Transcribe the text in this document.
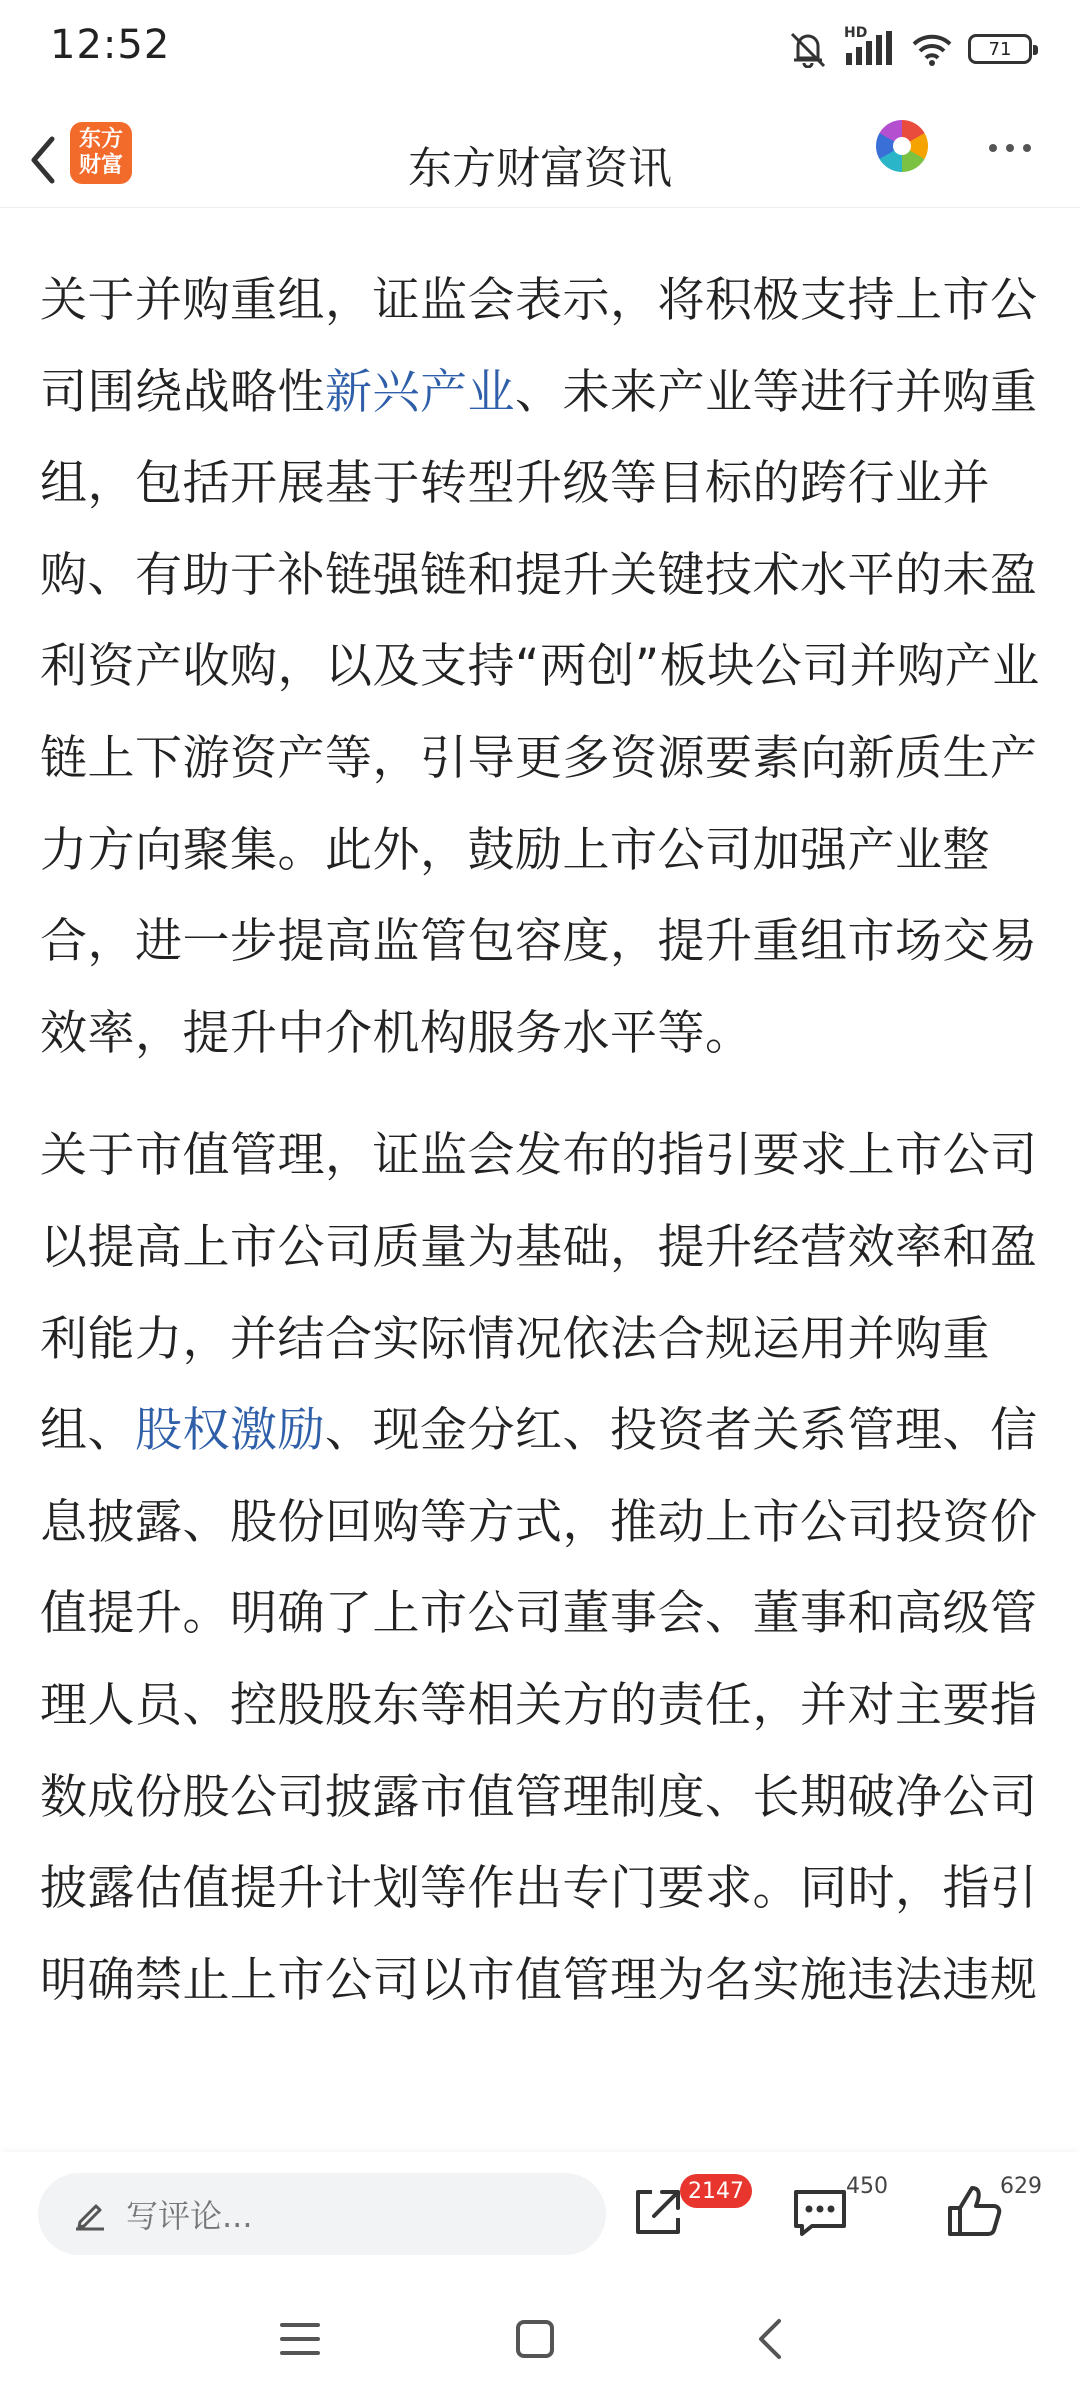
12:52	HD
71
东方
财富	东方财富资讯

关于并购重组，证监会表示，将积极支持上市公司围绕战略性新兴产业、未来产业等进行并购重组，包括开展基于转型升级等目标的跨行业并购、有助于补链强链和提升关键技术水平的未盈利资产收购，以及支持“两创”板块公司并购产业链上下游资产等，引导更多资源要素向新质生产力方向聚集。此外，鼓励上市公司加强产业整合，进一步提高监管包容度，提升重组市场交易效率，提升中介机构服务水平等。

关于市值管理，证监会发布的指引要求上市公司以提高上市公司质量为基础，提升经营效率和盈利能力，并结合实际情况依法合规运用并购重组、股权激励、现金分红、投资者关系管理、信息披露、股份回购等方式，推动上市公司投资价值提升。明确了上市公司董事会、董事和高级管理人员、控股股东等相关方的责任，并对主要指数成份股公司披露市值管理制度、长期破净公司披露估值提升计划等作出专门要求。同时，指引明确禁止上市公司以市值管理为名实施违法违规

写评论...
2147	450	629
